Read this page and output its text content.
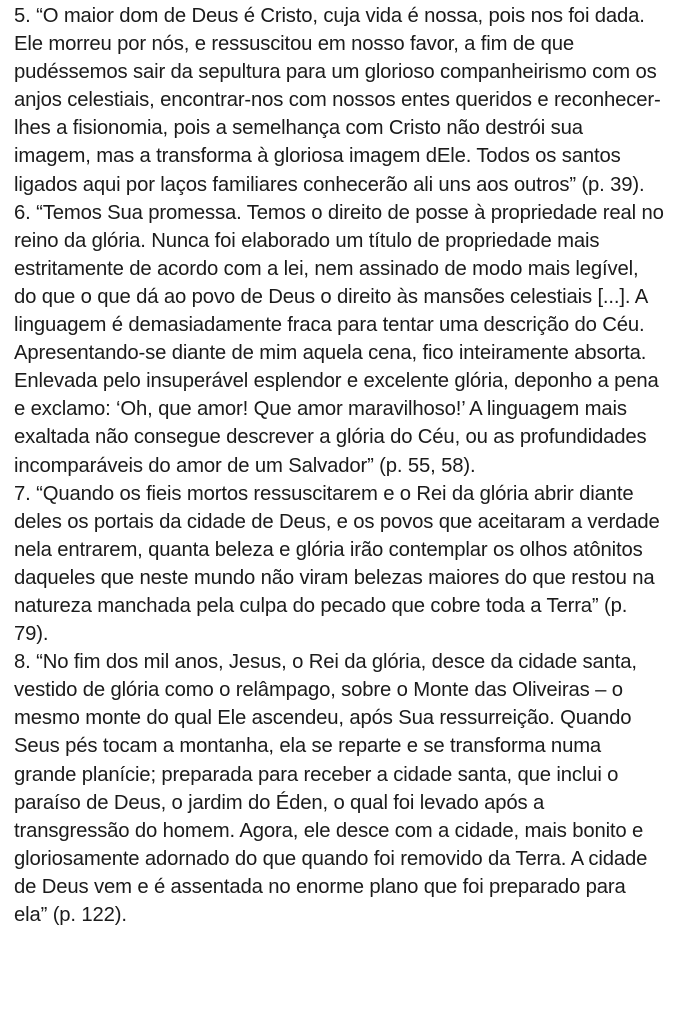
5. “O maior dom de Deus é Cristo, cuja vida é nossa, pois nos foi dada. Ele morreu por nós, e ressuscitou em nosso favor, a fim de que pudéssemos sair da sepultura para um glorioso companheirismo com os anjos celestiais, encontrar-nos com nossos entes queridos e reconhecer-lhes a fisionomia, pois a semelhança com Cristo não destrói sua imagem, mas a transforma à gloriosa imagem dEle. Todos os santos ligados aqui por laços familiares conhecerão ali uns aos outros” (p. 39).

6. “Temos Sua promessa. Temos o direito de posse à propriedade real no reino da glória. Nunca foi elaborado um título de propriedade mais estritamente de acordo com a lei, nem assinado de modo mais legível, do que o que dá ao povo de Deus o direito às mansões celestiais [...]. A linguagem é demasiadamente fraca para tentar uma descrição do Céu. Apresentando-se diante de mim aquela cena, fico inteiramente absorta. Enlevada pelo insuperável esplendor e excelente glória, deponho a pena e exclamo: ‘Oh, que amor! Que amor maravilhoso!’ A linguagem mais exaltada não consegue descrever a glória do Céu, ou as profundidades incomparáveis do amor de um Salvador” (p. 55, 58).

7. “Quando os fieis mortos ressuscitarem e o Rei da glória abrir diante deles os portais da cidade de Deus, e os povos que aceitaram a verdade nela entrarem, quanta beleza e glória irão contemplar os olhos atônitos daqueles que neste mundo não viram belezas maiores do que restou na natureza manchada pela culpa do pecado que cobre toda a Terra” (p. 79).

8. “No fim dos mil anos, Jesus, o Rei da glória, desce da cidade santa, vestido de glória como o relâmpago, sobre o Monte das Oliveiras – o mesmo monte do qual Ele ascendeu, após Sua ressurreição. Quando Seus pés tocam a montanha, ela se reparte e se transforma numa grande planície; preparada para receber a cidade santa, que inclui o paraíso de Deus, o jardim do Éden, o qual foi levado após a transgressão do homem. Agora, ele desce com a cidade, mais bonito e gloriosamente adornado do que quando foi removido da Terra. A cidade de Deus vem e é assentada no enorme plano que foi preparado para ela” (p. 122).
